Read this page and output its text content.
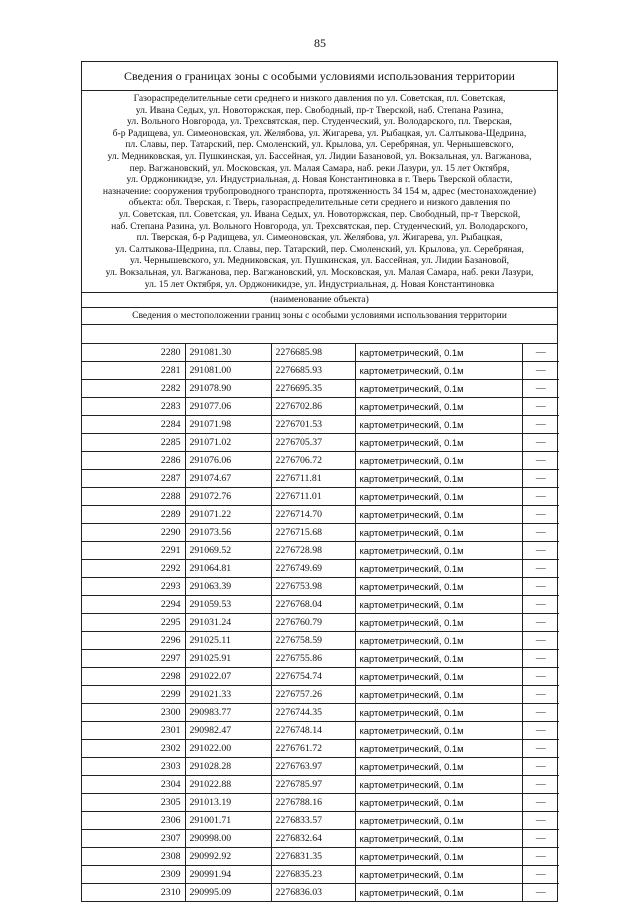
85
Сведения о границах зоны с особыми условиями использования территории
Газораспределительные сети среднего и низкого давления по ул. Советская, пл. Советская,
ул. Ивана Седых, ул. Новоторжская, пер. Свободный, пр-т Тверской, наб. Степана Разина,
ул. Вольного Новгорода, ул. Трехсвятская, пер. Студенческий, ул. Володарского, пл. Тверская,
б-р Радищева, ул. Симеоновская, ул. Желябова, ул. Жигарева, ул. Рыбацкая, ул. Салтыкова-Щедрина,
пл. Славы, пер. Татарский, пер. Смоленский, ул. Крылова, ул. Серебряная, ул. Чернышевского,
ул. Медниковская, ул. Пушкинская, ул. Бассейная, ул. Лидии Базановой, ул. Вокзальная, ул. Вагжанова,
пер. Вагжановский, ул. Московская, ул. Малая Самара, наб. реки Лазури, ул. 15 лет Октября,
ул. Орджоникидзе, ул. Индустриальная, д. Новая Константиновка в г. Тверь Тверской области,
назначение: сооружения трубопроводного транспорта, протяженность 34 154 м, адрес (местонахождение)
объекта: обл. Тверская, г. Тверь, газораспределительные сети среднего и низкого давления по
ул. Советская, пл. Советская, ул. Ивана Седых, ул. Новоторжская, пер. Свободный, пр-т Тверской,
наб. Степана Разина, ул. Вольного Новгорода, ул. Трехсвятская, пер. Студенческий, ул. Володарского,
пл. Тверская, б-р Радищева, ул. Симеоновская, ул. Желябова, ул. Жигарева, ул. Рыбацкая,
ул. Салтыкова-Щедрина, пл. Славы, пер. Татарский, пер. Смоленский, ул. Крылова, ул. Серебряная,
ул. Чернышевского, ул. Медниковская, ул. Пушкинская, ул. Бассейная, ул. Лидии Базановой,
ул. Вокзальная, ул. Вагжанова, пер. Вагжановский, ул. Московская, ул. Малая Самара, наб. реки Лазури,
ул. 15 лет Октября, ул. Орджоникидзе, ул. Индустриальная, д. Новая Константиновка
(наименование объекта)
Сведения о местоположении границ зоны с особыми условиями использования территории
2280	291081.30	2276685.98	картометрический, 0.1м	—
2281	291081.00	2276685.93	картометрический, 0.1м	—
2282	291078.90	2276695.35	картометрический, 0.1м	—
2283	291077.06	2276702.86	картометрический, 0.1м	—
2284	291071.98	2276701.53	картометрический, 0.1м	—
2285	291071.02	2276705.37	картометрический, 0.1м	—
2286	291076.06	2276706.72	картометрический, 0.1м	—
2287	291074.67	2276711.81	картометрический, 0.1м	—
2288	291072.76	2276711.01	картометрический, 0.1м	—
2289	291071.22	2276714.70	картометрический, 0.1м	—
2290	291073.56	2276715.68	картометрический, 0.1м	—
2291	291069.52	2276728.98	картометрический, 0.1м	—
2292	291064.81	2276749.69	картометрический, 0.1м	—
2293	291063.39	2276753.98	картометрический, 0.1м	—
2294	291059.53	2276768.04	картометрический, 0.1м	—
2295	291031.24	2276760.79	картометрический, 0.1м	—
2296	291025.11	2276758.59	картометрический, 0.1м	—
2297	291025.91	2276755.86	картометрический, 0.1м	—
2298	291022.07	2276754.74	картометрический, 0.1м	—
2299	291021.33	2276757.26	картометрический, 0.1м	—
2300	290983.77	2276744.35	картометрический, 0.1м	—
2301	290982.47	2276748.14	картометрический, 0.1м	—
2302	291022.00	2276761.72	картометрический, 0.1м	—
2303	291028.28	2276763.97	картометрический, 0.1м	—
2304	291022.88	2276785.97	картометрический, 0.1м	—
2305	291013.19	2276788.16	картометрический, 0.1м	—
2306	291001.71	2276833.57	картометрический, 0.1м	—
2307	290998.00	2276832.64	картометрический, 0.1м	—
2308	290992.92	2276831.35	картометрический, 0.1м	—
2309	290991.94	2276835.23	картометрический, 0.1м	—
2310	290995.09	2276836.03	картометрический, 0.1м	—
